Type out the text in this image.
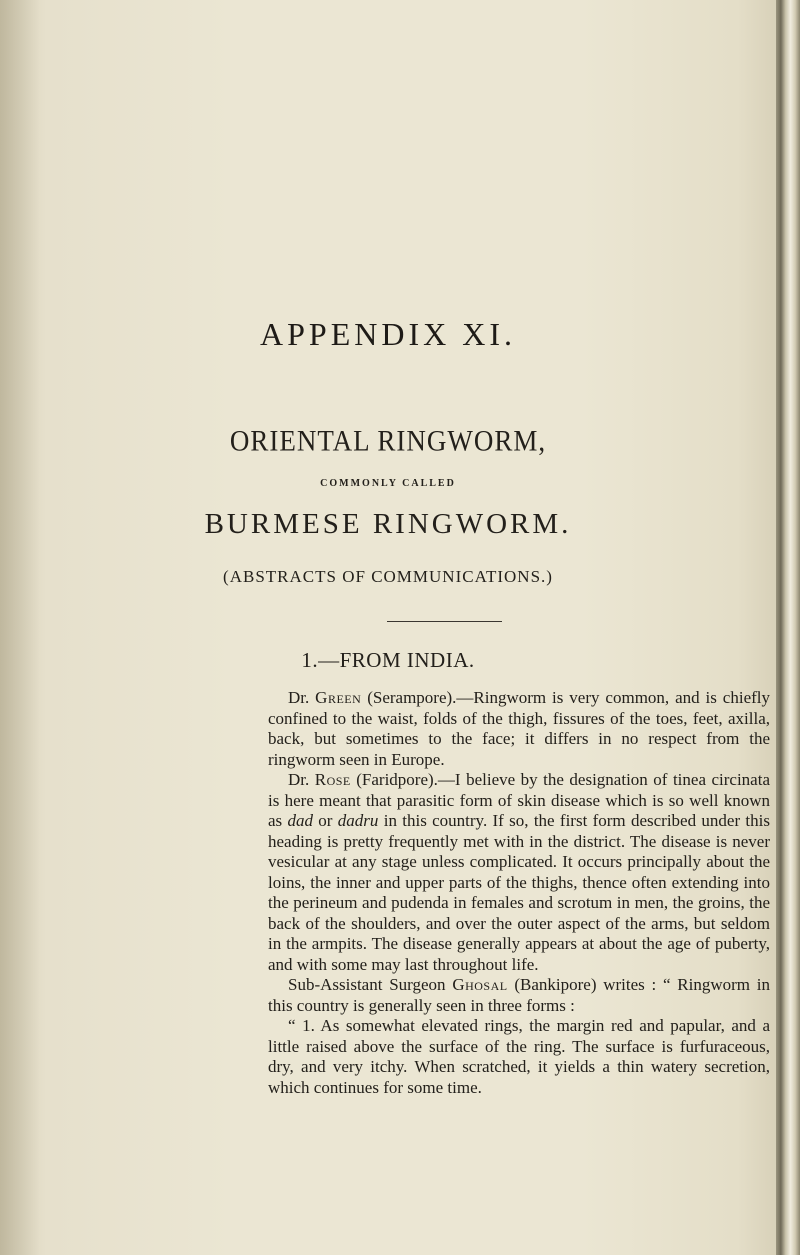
APPENDIX XI.
ORIENTAL RINGWORM,
COMMONLY CALLED
BURMESE RINGWORM.
(ABSTRACTS OF COMMUNICATIONS.)
1.—FROM INDIA.

Dr. Green (Serampore).—Ringworm is very common, and is chiefly confined to the waist, folds of the thigh, fissures of the toes, feet, axilla, back, but sometimes to the face; it differs in no respect from the ringworm seen in Europe.

Dr. Rose (Faridpore).—I believe by the designation of tinea circinata is here meant that parasitic form of skin disease which is so well known as dad or dadru in this country. If so, the first form described under this heading is pretty frequently met with in the district. The disease is never vesicular at any stage unless complicated. It occurs principally about the loins, the inner and upper parts of the thighs, thence often extending into the perineum and pudenda in females and scrotum in men, the groins, the back of the shoulders, and over the outer aspect of the arms, but seldom in the armpits. The disease generally appears at about the age of puberty, and with some may last throughout life.

Sub-Assistant Surgeon Ghosal (Bankipore) writes : “ Ringworm in this country is generally seen in three forms :

“ 1. As somewhat elevated rings, the margin red and papular, and a little raised above the surface of the ring. The surface is furfuraceous, dry, and very itchy. When scratched, it yields a thin watery secretion, which continues for some time.
